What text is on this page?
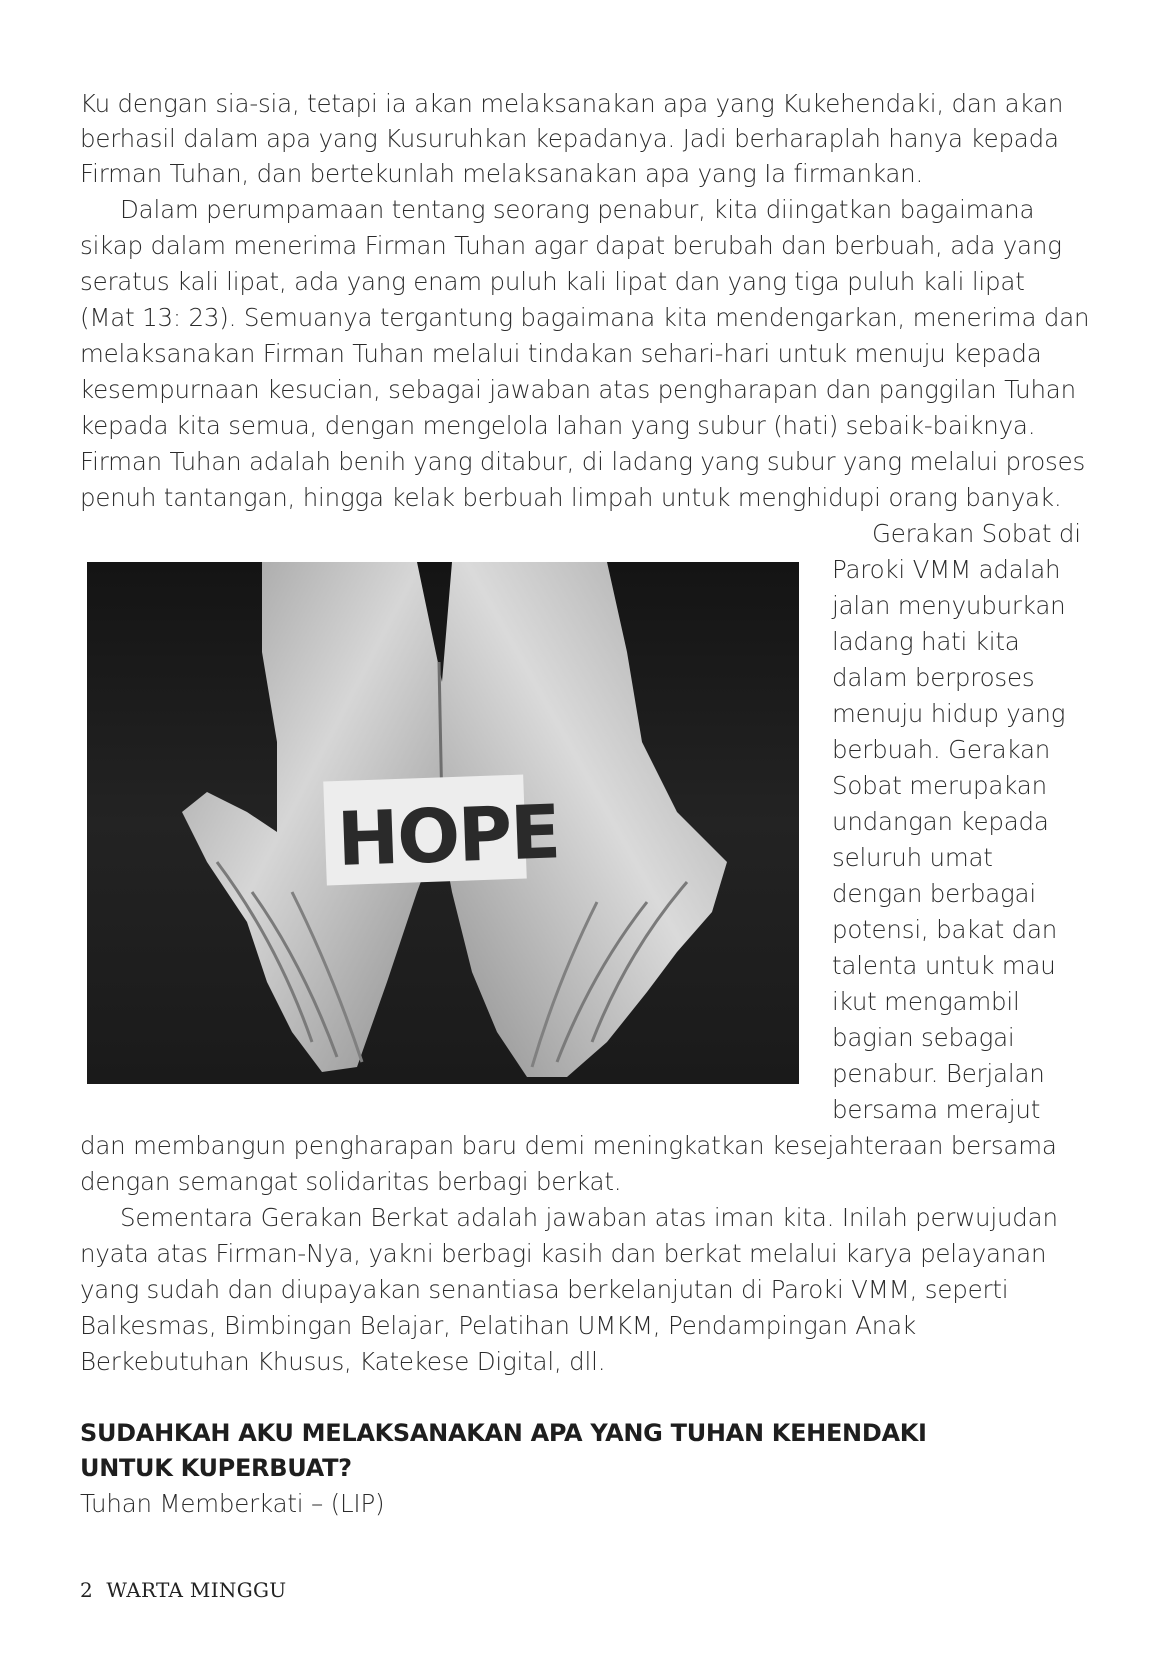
Ku dengan sia-sia, tetapi ia akan melaksanakan apa yang Kukehendaki, dan akan

berhasil dalam apa yang Kusuruhkan kepadanya. Jadi berharaplah hanya kepada

Firman Tuhan, dan bertekunlah melaksanakan apa yang Ia firmankan.

Dalam perumpamaan tentang seorang penabur, kita diingatkan bagaimana

sikap dalam menerima Firman Tuhan agar dapat berubah dan berbuah, ada yang

seratus kali lipat, ada yang enam puluh kali lipat dan yang tiga puluh kali lipat

(Mat 13: 23). Semuanya tergantung bagaimana kita mendengarkan, menerima dan

melaksanakan Firman Tuhan melalui tindakan sehari-hari untuk menuju kepada

kesempurnaan kesucian, sebagai jawaban atas pengharapan dan panggilan Tuhan

kepada kita semua, dengan mengelola lahan yang subur (hati) sebaik-baiknya.

Firman Tuhan adalah benih yang ditabur, di ladang yang subur yang melalui proses

penuh tantangan, hingga kelak berbuah limpah untuk menghidupi orang banyak.

Gerakan Sobat di

Paroki VMM adalah

jalan menyuburkan

ladang hati kita

dalam berproses

menuju hidup yang

berbuah. Gerakan

Sobat merupakan

undangan kepada

seluruh umat

dengan berbagai

potensi, bakat dan

talenta untuk mau

ikut mengambil

bagian sebagai

penabur. Berjalan

bersama merajut

HOPE

dan membangun pengharapan baru demi meningkatkan kesejahteraan bersama

dengan semangat solidaritas berbagi berkat.

Sementara Gerakan Berkat adalah jawaban atas iman kita. Inilah perwujudan

nyata atas Firman-Nya, yakni berbagi kasih dan berkat melalui karya pelayanan

yang sudah dan diupayakan senantiasa berkelanjutan di Paroki VMM, seperti

Balkesmas, Bimbingan Belajar, Pelatihan UMKM, Pendampingan Anak

Berkebutuhan Khusus, Katekese Digital, dll.

SUDAHKAH AKU MELAKSANAKAN APA YANG TUHAN KEHENDAKI

UNTUK KUPERBUAT?

Tuhan Memberkati – (LIP)

2 WARTA MINGGU
